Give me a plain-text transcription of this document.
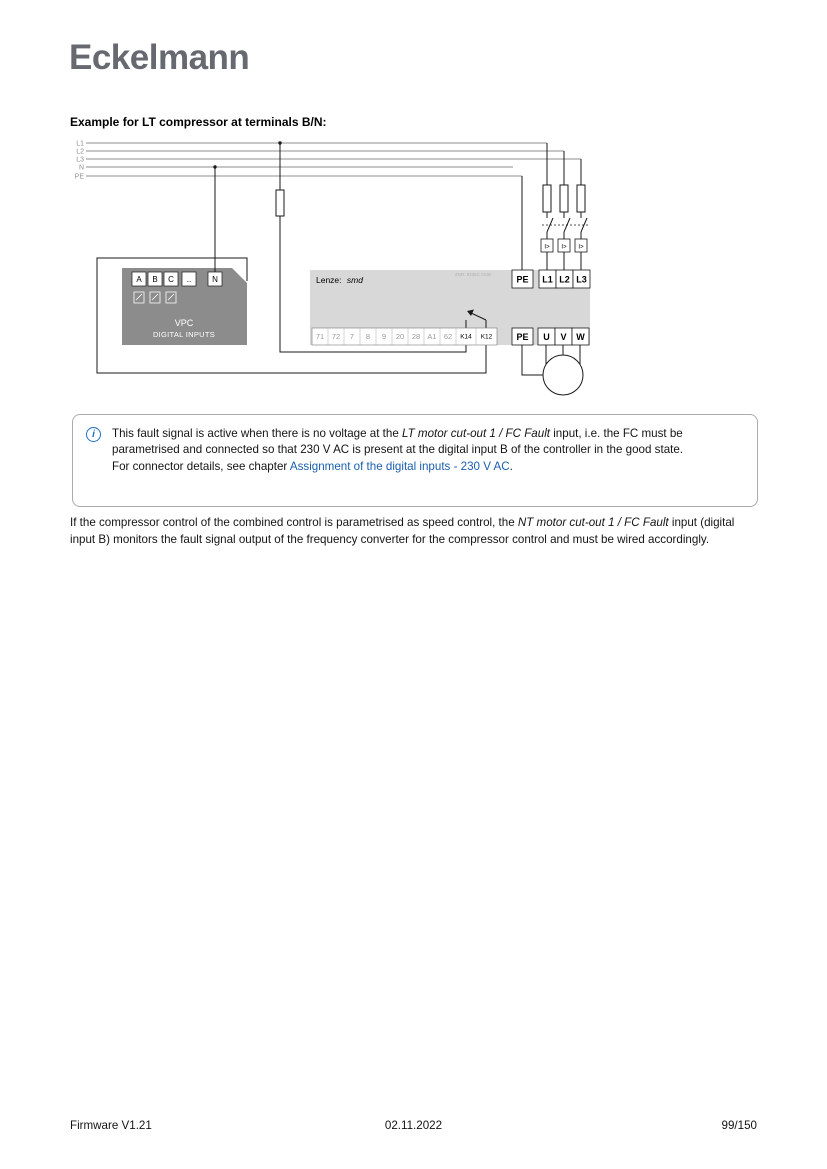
Eckelmann
Example for LT compressor at terminals B/N:
L1
L2
L3
N
PE
I> I> I>
Lenze: smd
ZNR: 9235C OUB	PE L1 L2 L3
71 72 7 8 9 20 28 A1 62 K14 K12	PE U V W
A B C ..	N
VPC
DIGITAL INPUTS
i	This fault signal is active when there is no voltage at the LT motor cut-out 1 / FC Fault input, i.e. the FC must be parametrised and connected so that 230 V AC is present at the digital input B of the controller in the good state.
For connector details, see chapter Assignment of the digital inputs - 230 V AC.
If the compressor control of the combined control is parametrised as speed control, the NT motor cut-out 1 / FC Fault input (digital input B) monitors the fault signal output of the frequency converter for the compressor control and must be wired accordingly.
Firmware V1.21	02.11.2022	99/150
